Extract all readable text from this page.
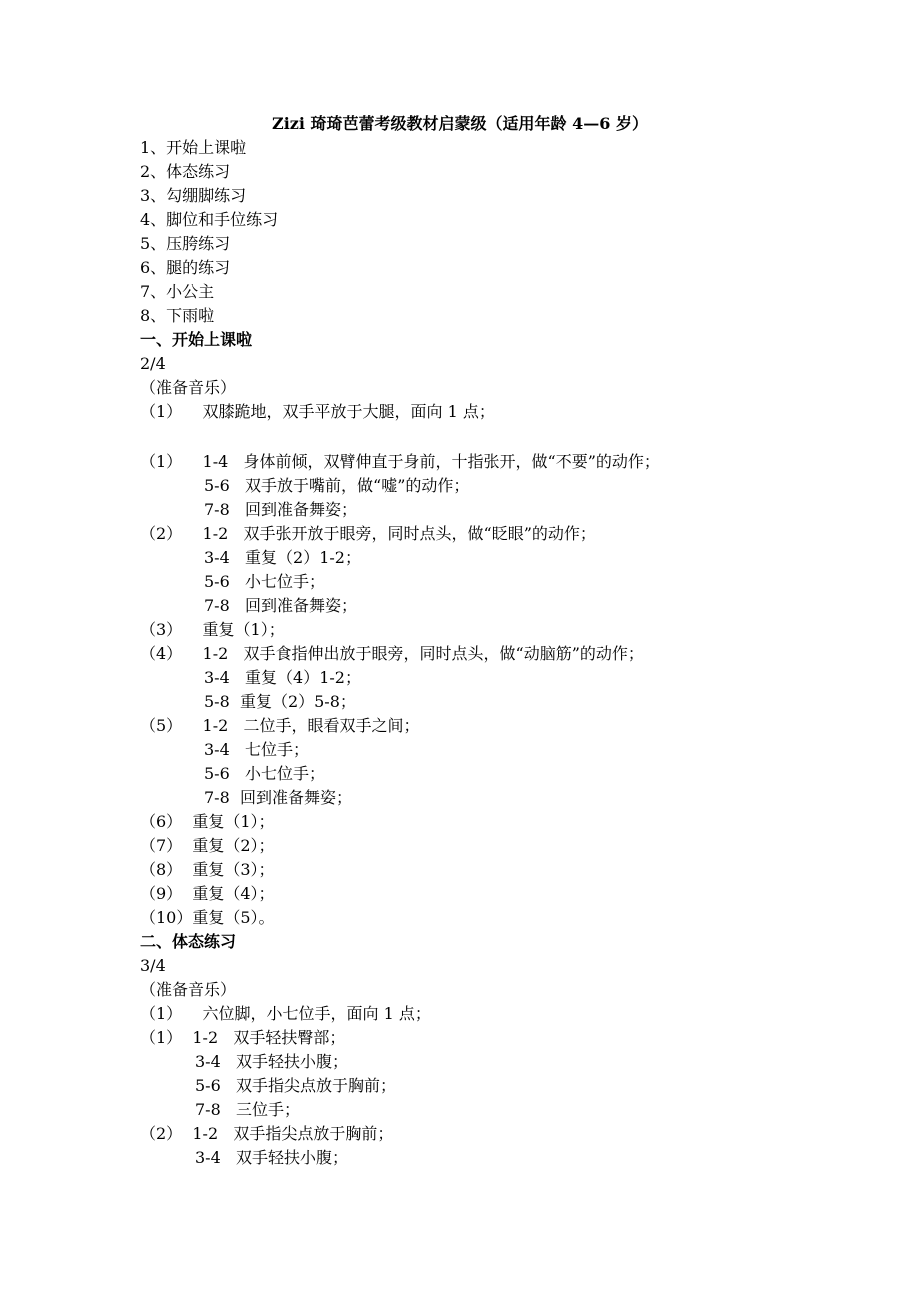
Zizi 琦琦芭蕾考级教材启蒙级（适用年龄 4—6 岁）
1、开始上课啦
2、体态练习
3、勾绷脚练习
4、脚位和手位练习
5、压胯练习
6、腿的练习
7、小公主
8、下雨啦
一、开始上课啦
2/4
（准备音乐）
（1）    双膝跪地，双手平放于大腿，面向 1 点；
（1）    1-4   身体前倾，双臂伸直于身前，十指张开，做“不要”的动作；
5-6   双手放于嘴前，做“嘘”的动作；
7-8   回到准备舞姿；
（2）    1-2   双手张开放于眼旁，同时点头，做“眨眼”的动作；
3-4   重复（2）1-2；
5-6   小七位手；
7-8   回到准备舞姿；
（3）    重复（1）；
（4）    1-2   双手食指伸出放于眼旁，同时点头，做“动脑筋”的动作；
3-4   重复（4）1-2；
5-8  重复（2）5-8；
（5）    1-2   二位手，眼看双手之间；
3-4   七位手；
5-6   小七位手；
7-8  回到准备舞姿；
（6）  重复（1）；
（7）  重复（2）；
（8）  重复（3）；
（9）  重复（4）；
（10）重复（5）。
二、体态练习
3/4
（准备音乐）
（1）    六位脚，小七位手，面向 1 点；
（1）  1-2   双手轻扶臀部；
3-4   双手轻扶小腹；
5-6   双手指尖点放于胸前；
7-8   三位手；
（2）  1-2   双手指尖点放于胸前；
3-4   双手轻扶小腹；
